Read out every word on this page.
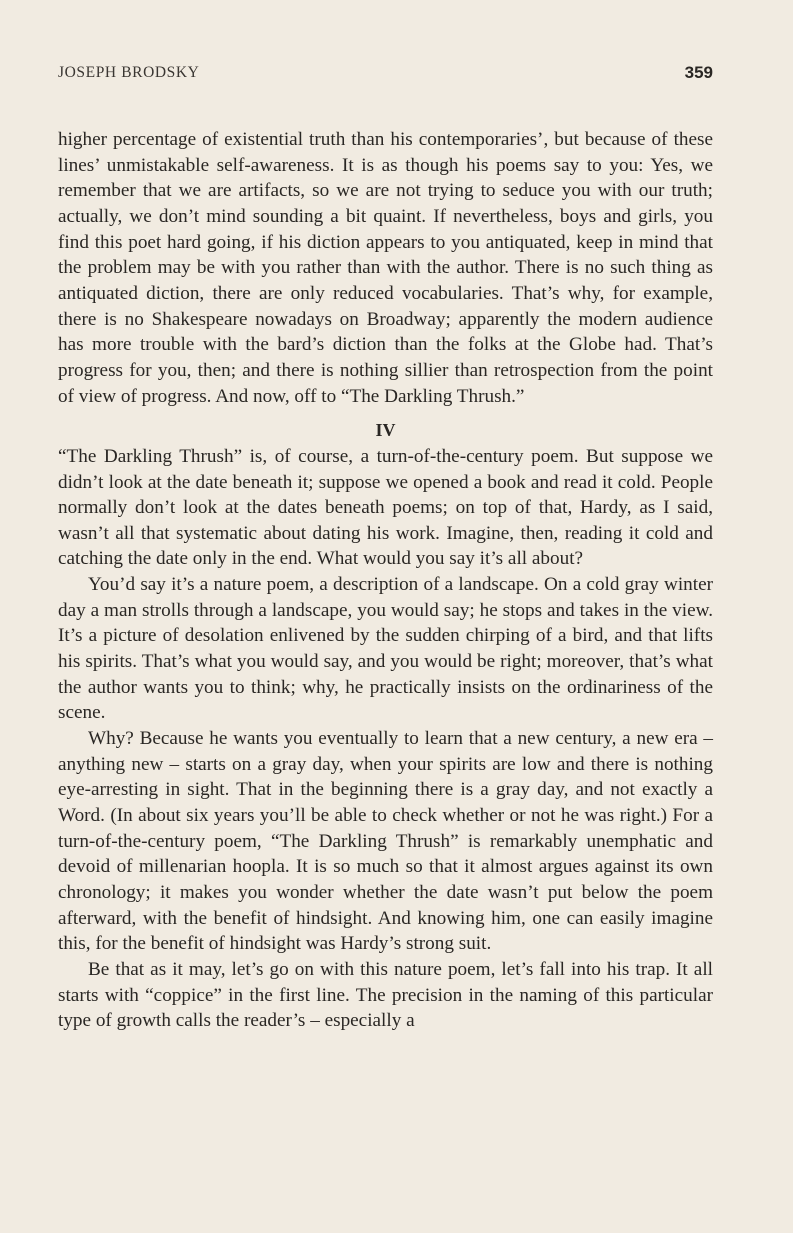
JOSEPH BRODSKY	359

higher percentage of existential truth than his contemporaries’, but because of these lines’ unmistakable self-awareness. It is as though his poems say to you: Yes, we remember that we are artifacts, so we are not trying to seduce you with our truth; actually, we don’t mind sounding a bit quaint. If nevertheless, boys and girls, you find this poet hard going, if his diction appears to you antiquated, keep in mind that the problem may be with you rather than with the author. There is no such thing as antiquated diction, there are only reduced vocabularies. That’s why, for example, there is no Shakespeare nowadays on Broadway; apparently the modern audience has more trouble with the bard’s diction than the folks at the Globe had. That’s progress for you, then; and there is nothing sillier than retrospection from the point of view of progress. And now, off to “The Darkling Thrush.”

IV

“The Darkling Thrush” is, of course, a turn-of-the-century poem. But suppose we didn’t look at the date beneath it; suppose we opened a book and read it cold. People normally don’t look at the dates beneath poems; on top of that, Hardy, as I said, wasn’t all that systematic about dating his work. Imagine, then, reading it cold and catching the date only in the end. What would you say it’s all about?

You’d say it’s a nature poem, a description of a landscape. On a cold gray winter day a man strolls through a landscape, you would say; he stops and takes in the view. It’s a picture of desolation enlivened by the sudden chirping of a bird, and that lifts his spirits. That’s what you would say, and you would be right; moreover, that’s what the author wants you to think; why, he practically insists on the ordinariness of the scene.

Why? Because he wants you eventually to learn that a new century, a new era – anything new – starts on a gray day, when your spirits are low and there is nothing eye-arresting in sight. That in the beginning there is a gray day, and not exactly a Word. (In about six years you’ll be able to check whether or not he was right.) For a turn-of-the-century poem, “The Darkling Thrush” is remarkably unemphatic and devoid of millenarian hoopla. It is so much so that it almost argues against its own chronology; it makes you wonder whether the date wasn’t put below the poem afterward, with the benefit of hindsight. And knowing him, one can easily imagine this, for the benefit of hindsight was Hardy’s strong suit.

Be that as it may, let’s go on with this nature poem, let’s fall into his trap. It all starts with “coppice” in the first line. The precision in the naming of this particular type of growth calls the reader’s – especially a
